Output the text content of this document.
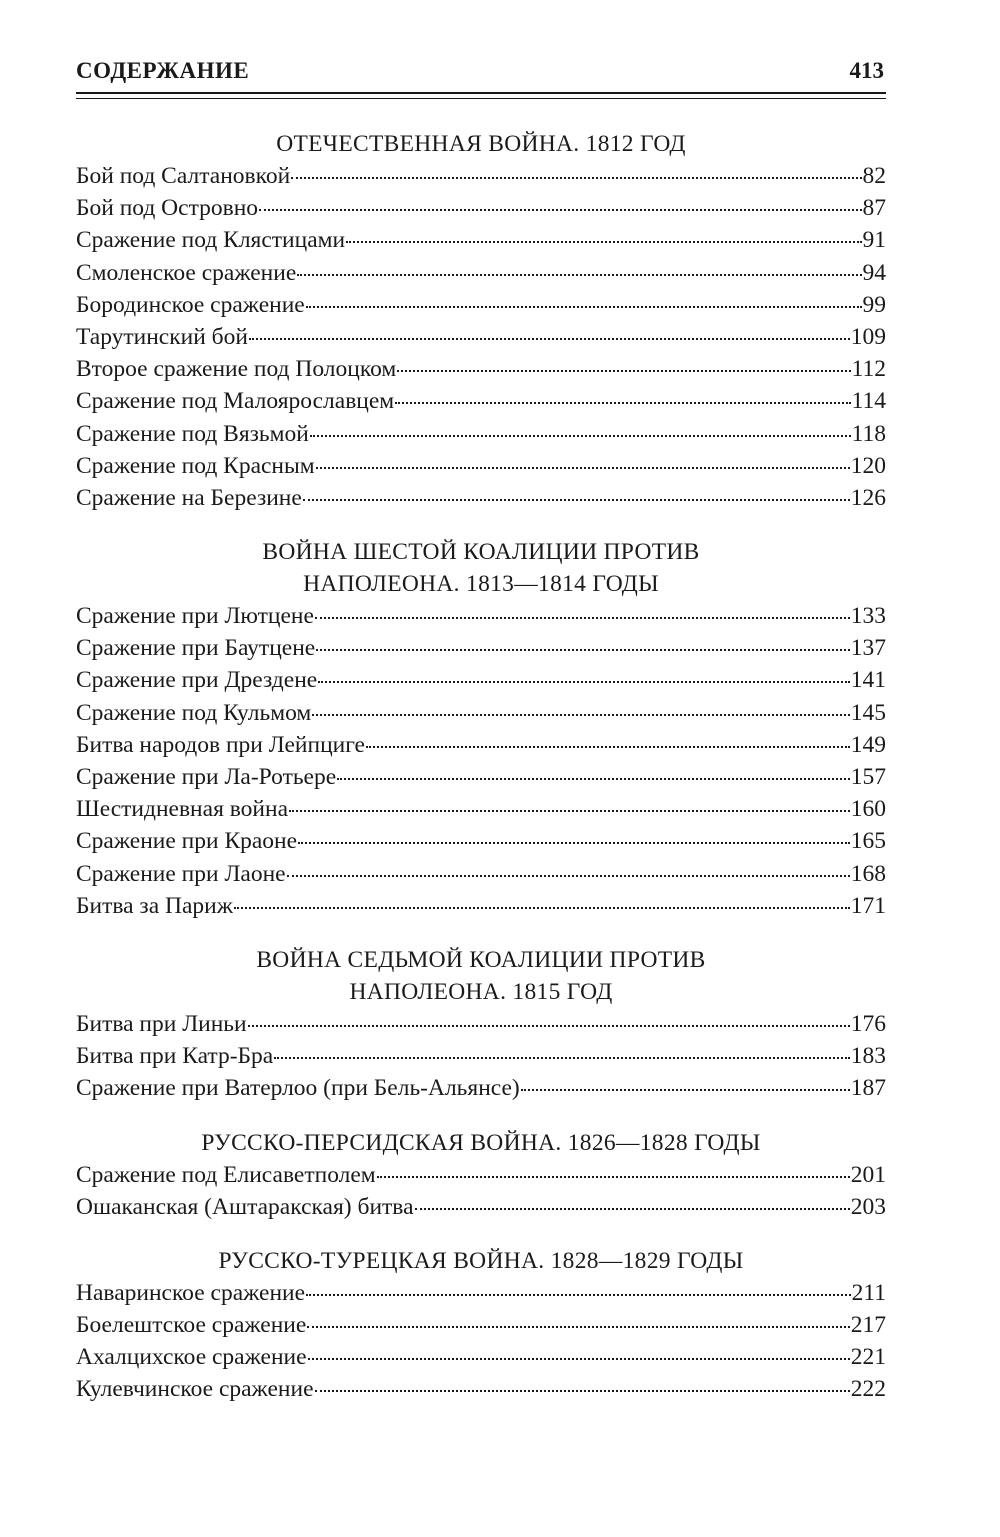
СОДЕРЖАНИЕ	413
ОТЕЧЕСТВЕННАЯ ВОЙНА. 1812 ГОД
Бой под Салтановкой	82
Бой под Островно	87
Сражение под Клястицами	91
Смоленское сражение	94
Бородинское сражение	99
Тарутинский бой	109
Второе сражение под Полоцком	112
Сражение под Малоярославцем	114
Сражение под Вязьмой	118
Сражение под Красным	120
Сражение на Березине	126
ВОЙНА ШЕСТОЙ КОАЛИЦИИ ПРОТИВ
НАПОЛЕОНА. 1813—1814 ГОДЫ
Сражение при Лютцене	133
Сражение при Баутцене	137
Сражение при Дрездене	141
Сражение под Кульмом	145
Битва народов при Лейпциге	149
Сражение при Ла-Ротьере	157
Шестидневная война	160
Сражение при Краоне	165
Сражение при Лаоне	168
Битва за Париж	171
ВОЙНА СЕДЬМОЙ КОАЛИЦИИ ПРОТИВ
НАПОЛЕОНА. 1815 ГОД
Битва при Линьи	176
Битва при Катр-Бра	183
Сражение при Ватерлоо (при Бель-Альянсе)	187
РУССКО-ПЕРСИДСКАЯ ВОЙНА. 1826—1828 ГОДЫ
Сражение под Елисаветполем	201
Ошаканская (Аштаракская) битва	203
РУССКО-ТУРЕЦКАЯ ВОЙНА. 1828—1829 ГОДЫ
Наваринское сражение	211
Боелештское сражение	217
Ахалцихское сражение	221
Кулевчинское сражение	222
